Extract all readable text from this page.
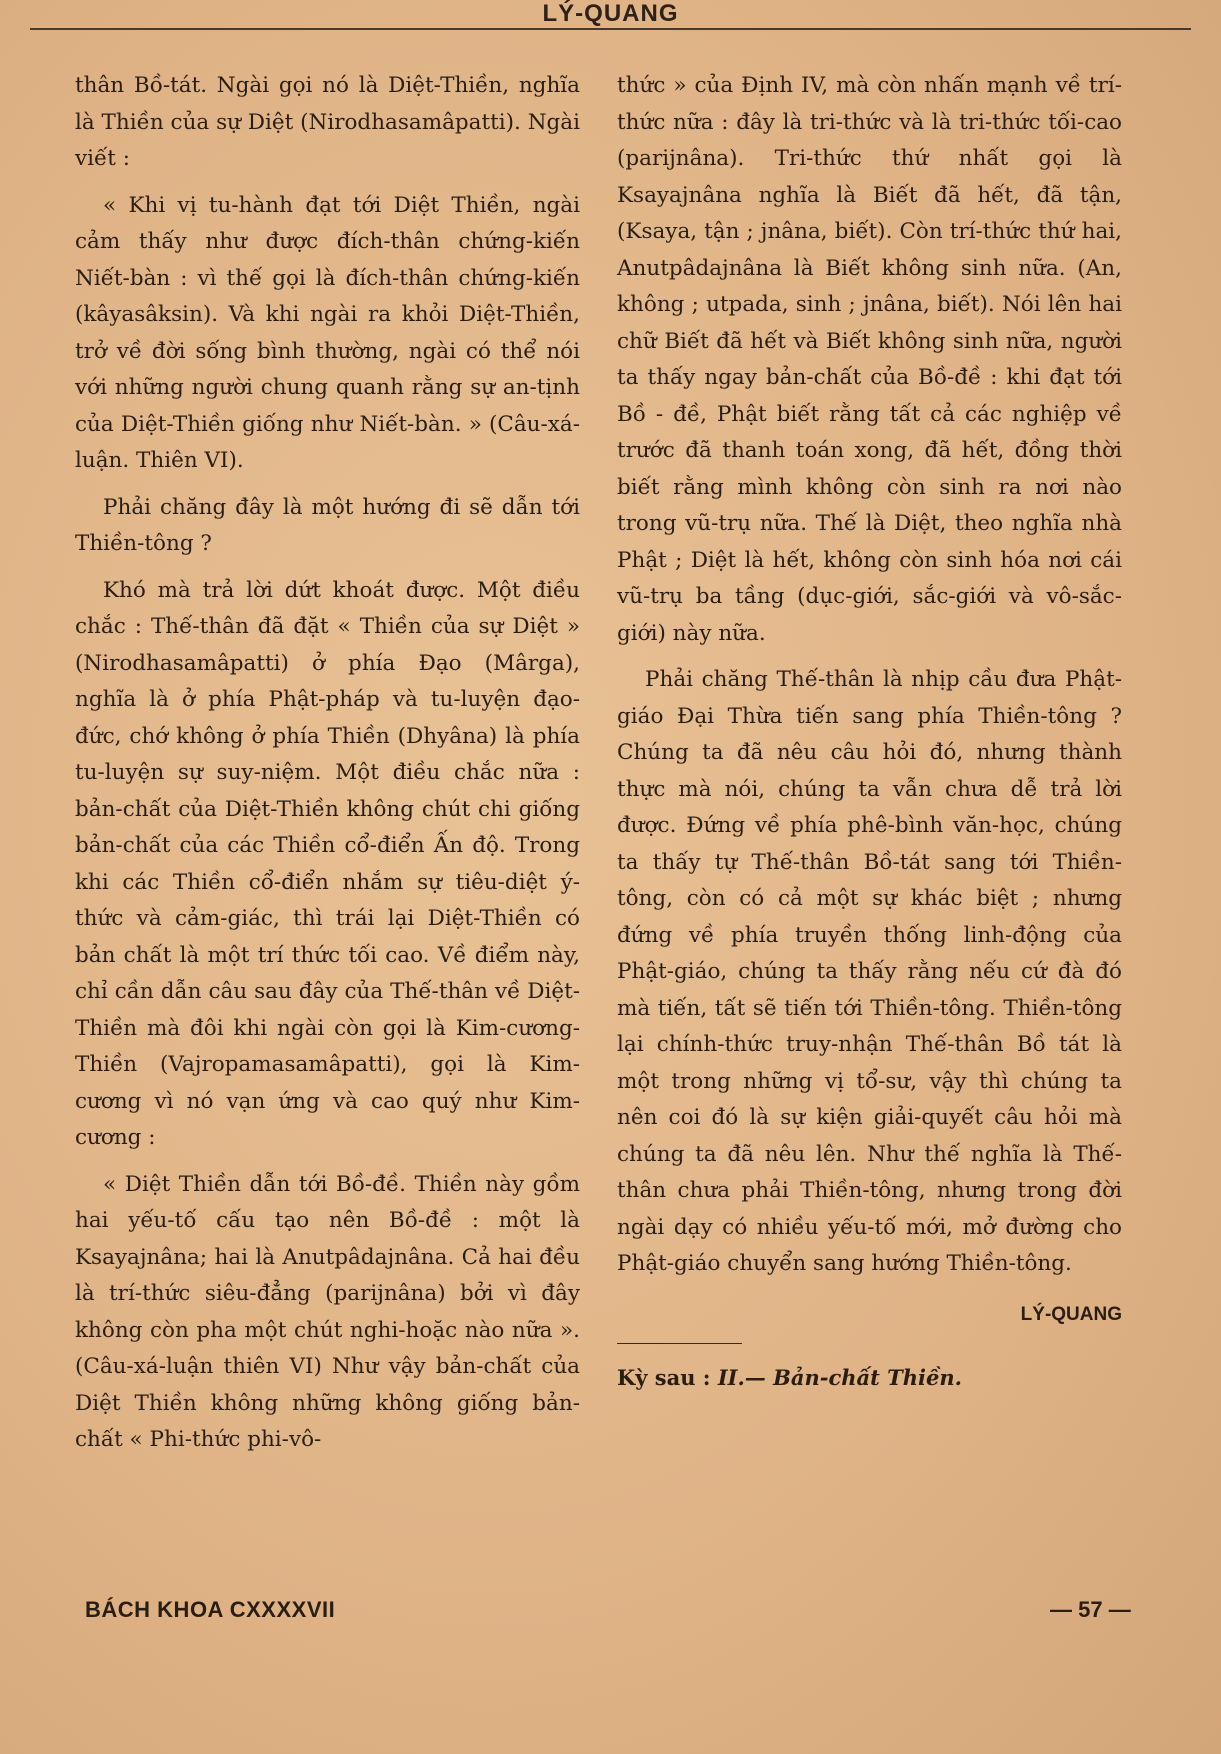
LÝ-QUANG

thân Bồ-tát. Ngài gọi nó là Diệt-Thiền, nghĩa là Thiền của sự Diệt (Nirodhasamâpatti). Ngài viết :

« Khi vị tu-hành đạt tới Diệt Thiền, ngài cảm thấy như được đích-thân chứng-kiến Niết-bàn : vì thế gọi là đích-thân chứng-kiến (kâyasâksin). Và khi ngài ra khỏi Diệt-Thiền, trở về đời sống bình thường, ngài có thể nói với những người chung quanh rằng sự an-tịnh của Diệt-Thiền giống như Niết-bàn. » (Câu-xá-luận. Thiên VI).

Phải chăng đây là một hướng đi sẽ dẫn tới Thiền-tông ?

Khó mà trả lời dứt khoát được. Một điều chắc : Thế-thân đã đặt « Thiền của sự Diệt » (Nirodhasamâpatti) ở phía Đạo (Mârga), nghĩa là ở phía Phật-pháp và tu-luyện đạo-đức, chớ không ở phía Thiền (Dhyâna) là phía tu-luyện sự suy-niệm. Một điều chắc nữa : bản-chất của Diệt-Thiền không chút chi giống bản-chất của các Thiền cổ-điển Ấn độ. Trong khi các Thiền cổ-điển nhắm sự tiêu-diệt ý-thức và cảm-giác, thì trái lại Diệt-Thiền có bản chất là một trí thức tối cao. Về điểm này, chỉ cần dẫn câu sau đây của Thế-thân về Diệt-Thiền mà đôi khi ngài còn gọi là Kim-cương-Thiền (Vajropamasamâpatti), gọi là Kim-cương vì nó vạn ứng và cao quý như Kim-cương :

« Diệt Thiền dẫn tới Bồ-đề. Thiền này gồm hai yếu-tố cấu tạo nên Bồ-đề : một là Ksayajnâna; hai là Anutpâdajnâna. Cả hai đều là trí-thức siêu-đẳng (parijnâna) bởi vì đây không còn pha một chút nghi-hoặc nào nữa ». (Câu-xá-luận thiên VI) Như vậy bản-chất của Diệt Thiền không những không giống bản-chất « Phi-thức phi-vô-

thức » của Định IV, mà còn nhấn mạnh về trí-thức nữa : đây là tri-thức và là tri-thức tối-cao (parijnâna). Tri-thức thứ nhất gọi là Ksayajnâna nghĩa là Biết đã hết, đã tận, (Ksaya, tận ; jnâna, biết). Còn trí-thức thứ hai, Anutpâdajnâna là Biết không sinh nữa. (An, không ; utpada, sinh ; jnâna, biết). Nói lên hai chữ Biết đã hết và Biết không sinh nữa, người ta thấy ngay bản-chất của Bồ-đề : khi đạt tới Bồ - đề, Phật biết rằng tất cả các nghiệp về trước đã thanh toán xong, đã hết, đồng thời biết rằng mình không còn sinh ra nơi nào trong vũ-trụ nữa. Thế là Diệt, theo nghĩa nhà Phật ; Diệt là hết, không còn sinh hóa nơi cái vũ-trụ ba tầng (dục-giới, sắc-giới và vô-sắc-giới) này nữa.

Phải chăng Thế-thân là nhịp cầu đưa Phật-giáo Đại Thừa tiến sang phía Thiền-tông ? Chúng ta đã nêu câu hỏi đó, nhưng thành thực mà nói, chúng ta vẫn chưa dễ trả lời được. Đứng về phía phê-bình văn-học, chúng ta thấy tự Thế-thân Bồ-tát sang tới Thiền-tông, còn có cả một sự khác biệt ; nhưng đứng về phía truyền thống linh-động của Phật-giáo, chúng ta thấy rằng nếu cứ đà đó mà tiến, tất sẽ tiến tới Thiền-tông. Thiền-tông lại chính-thức truy-nhận Thế-thân Bồ tát là một trong những vị tổ-sư, vậy thì chúng ta nên coi đó là sự kiện giải-quyết câu hỏi mà chúng ta đã nêu lên. Như thế nghĩa là Thế-thân chưa phải Thiền-tông, nhưng trong đời ngài dạy có nhiều yếu-tố mới, mở đường cho Phật-giáo chuyển sang hướng Thiền-tông.

LÝ-QUANG

Kỳ sau : II.— Bản-chất Thiền.

BÁCH KHOA CXXXXVII	— 57 —
